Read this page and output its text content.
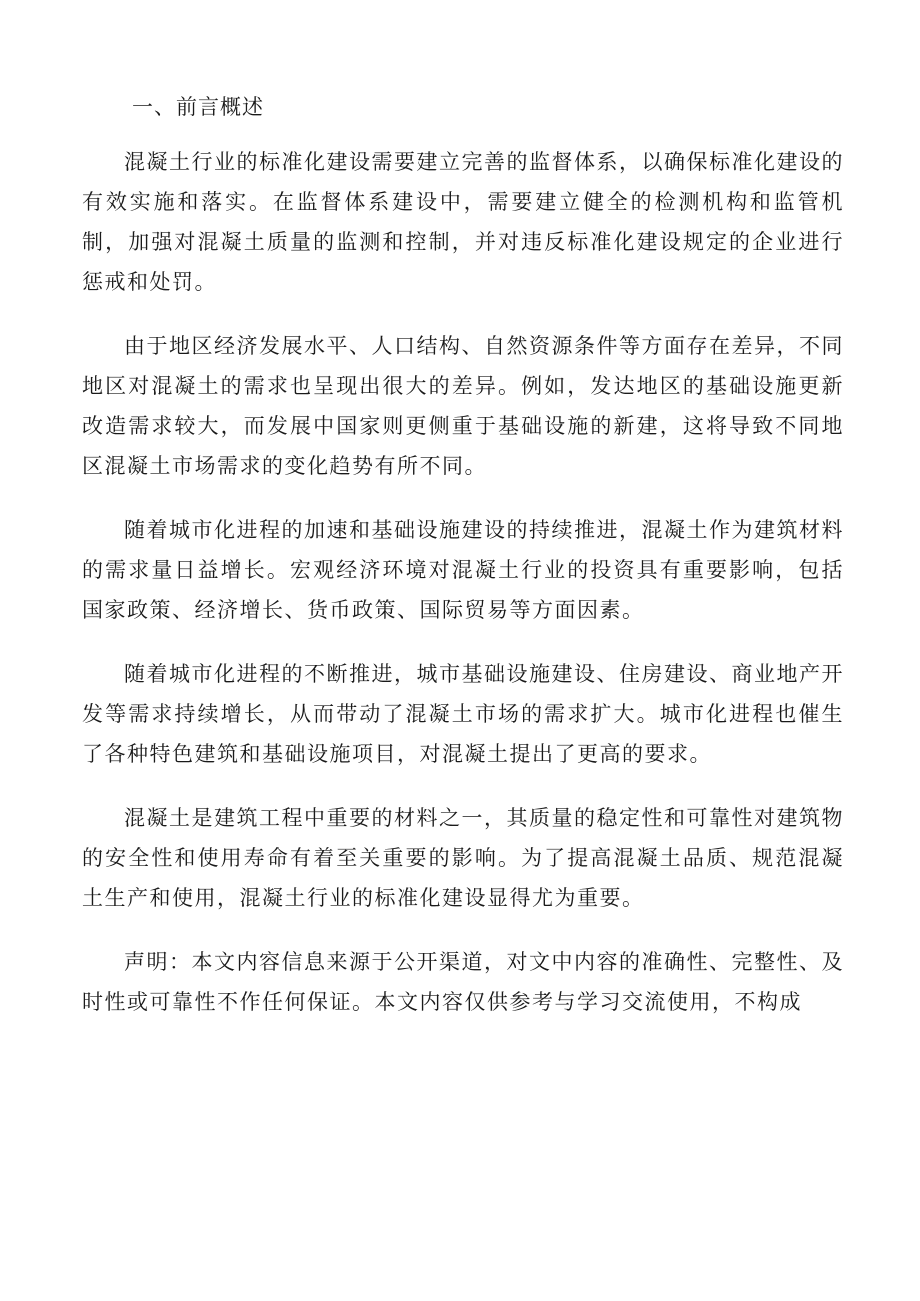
一、前言概述

混凝土行业的标准化建设需要建立完善的监督体系，以确保标准化建设的有效实施和落实。在监督体系建设中，需要建立健全的检测机构和监管机制，加强对混凝土质量的监测和控制，并对违反标准化建设规定的企业进行惩戒和处罚。

由于地区经济发展水平、人口结构、自然资源条件等方面存在差异，不同地区对混凝土的需求也呈现出很大的差异。例如，发达地区的基础设施更新改造需求较大，而发展中国家则更侧重于基础设施的新建，这将导致不同地区混凝土市场需求的变化趋势有所不同。

随着城市化进程的加速和基础设施建设的持续推进，混凝土作为建筑材料的需求量日益增长。宏观经济环境对混凝土行业的投资具有重要影响，包括国家政策、经济增长、货币政策、国际贸易等方面因素。

随着城市化进程的不断推进，城市基础设施建设、住房建设、商业地产开发等需求持续增长，从而带动了混凝土市场的需求扩大。城市化进程也催生了各种特色建筑和基础设施项目，对混凝土提出了更高的要求。

混凝土是建筑工程中重要的材料之一，其质量的稳定性和可靠性对建筑物的安全性和使用寿命有着至关重要的影响。为了提高混凝土品质、规范混凝土生产和使用，混凝土行业的标准化建设显得尤为重要。

声明：本文内容信息来源于公开渠道，对文中内容的准确性、完整性、及时性或可靠性不作任何保证。本文内容仅供参考与学习交流使用，不构成
